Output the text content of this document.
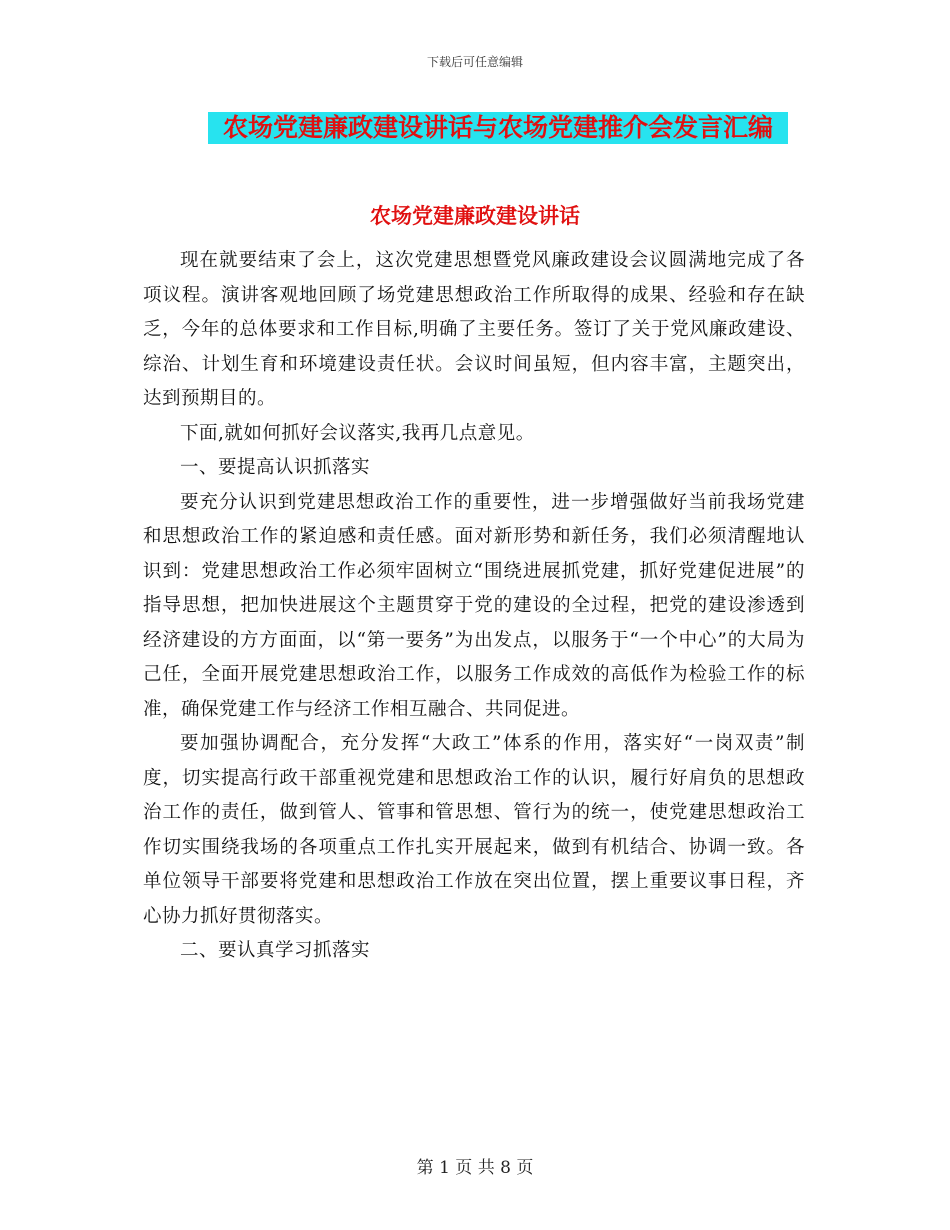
下载后可任意编辑
农场党建廉政建设讲话与农场党建推介会发言汇编
农场党建廉政建设讲话

现在就要结束了会上，这次党建思想暨党风廉政建设会议圆满地完成了各项议程。演讲客观地回顾了场党建思想政治工作所取得的成果、经验和存在缺乏，今年的总体要求和工作目标,明确了主要任务。签订了关于党风廉政建设、综治、计划生育和环境建设责任状。会议时间虽短，但内容丰富，主题突出，达到预期目的。

下面,就如何抓好会议落实,我再几点意见。

一、要提高认识抓落实

要充分认识到党建思想政治工作的重要性，进一步增强做好当前我场党建和思想政治工作的紧迫感和责任感。面对新形势和新任务，我们必须清醒地认识到：党建思想政治工作必须牢固树立“围绕进展抓党建，抓好党建促进展”的指导思想，把加快进展这个主题贯穿于党的建设的全过程，把党的建设渗透到经济建设的方方面面，以“第一要务”为出发点，以服务于“一个中心”的大局为己任，全面开展党建思想政治工作，以服务工作成效的高低作为检验工作的标准，确保党建工作与经济工作相互融合、共同促进。

要加强协调配合，充分发挥“大政工”体系的作用，落实好“一岗双责”制度，切实提高行政干部重视党建和思想政治工作的认识，履行好肩负的思想政治工作的责任，做到管人、管事和管思想、管行为的统一，使党建思想政治工作切实围绕我场的各项重点工作扎实开展起来，做到有机结合、协调一致。各单位领导干部要将党建和思想政治工作放在突出位置，摆上重要议事日程，齐心协力抓好贯彻落实。

二、要认真学习抓落实

第 1 页 共 8 页
